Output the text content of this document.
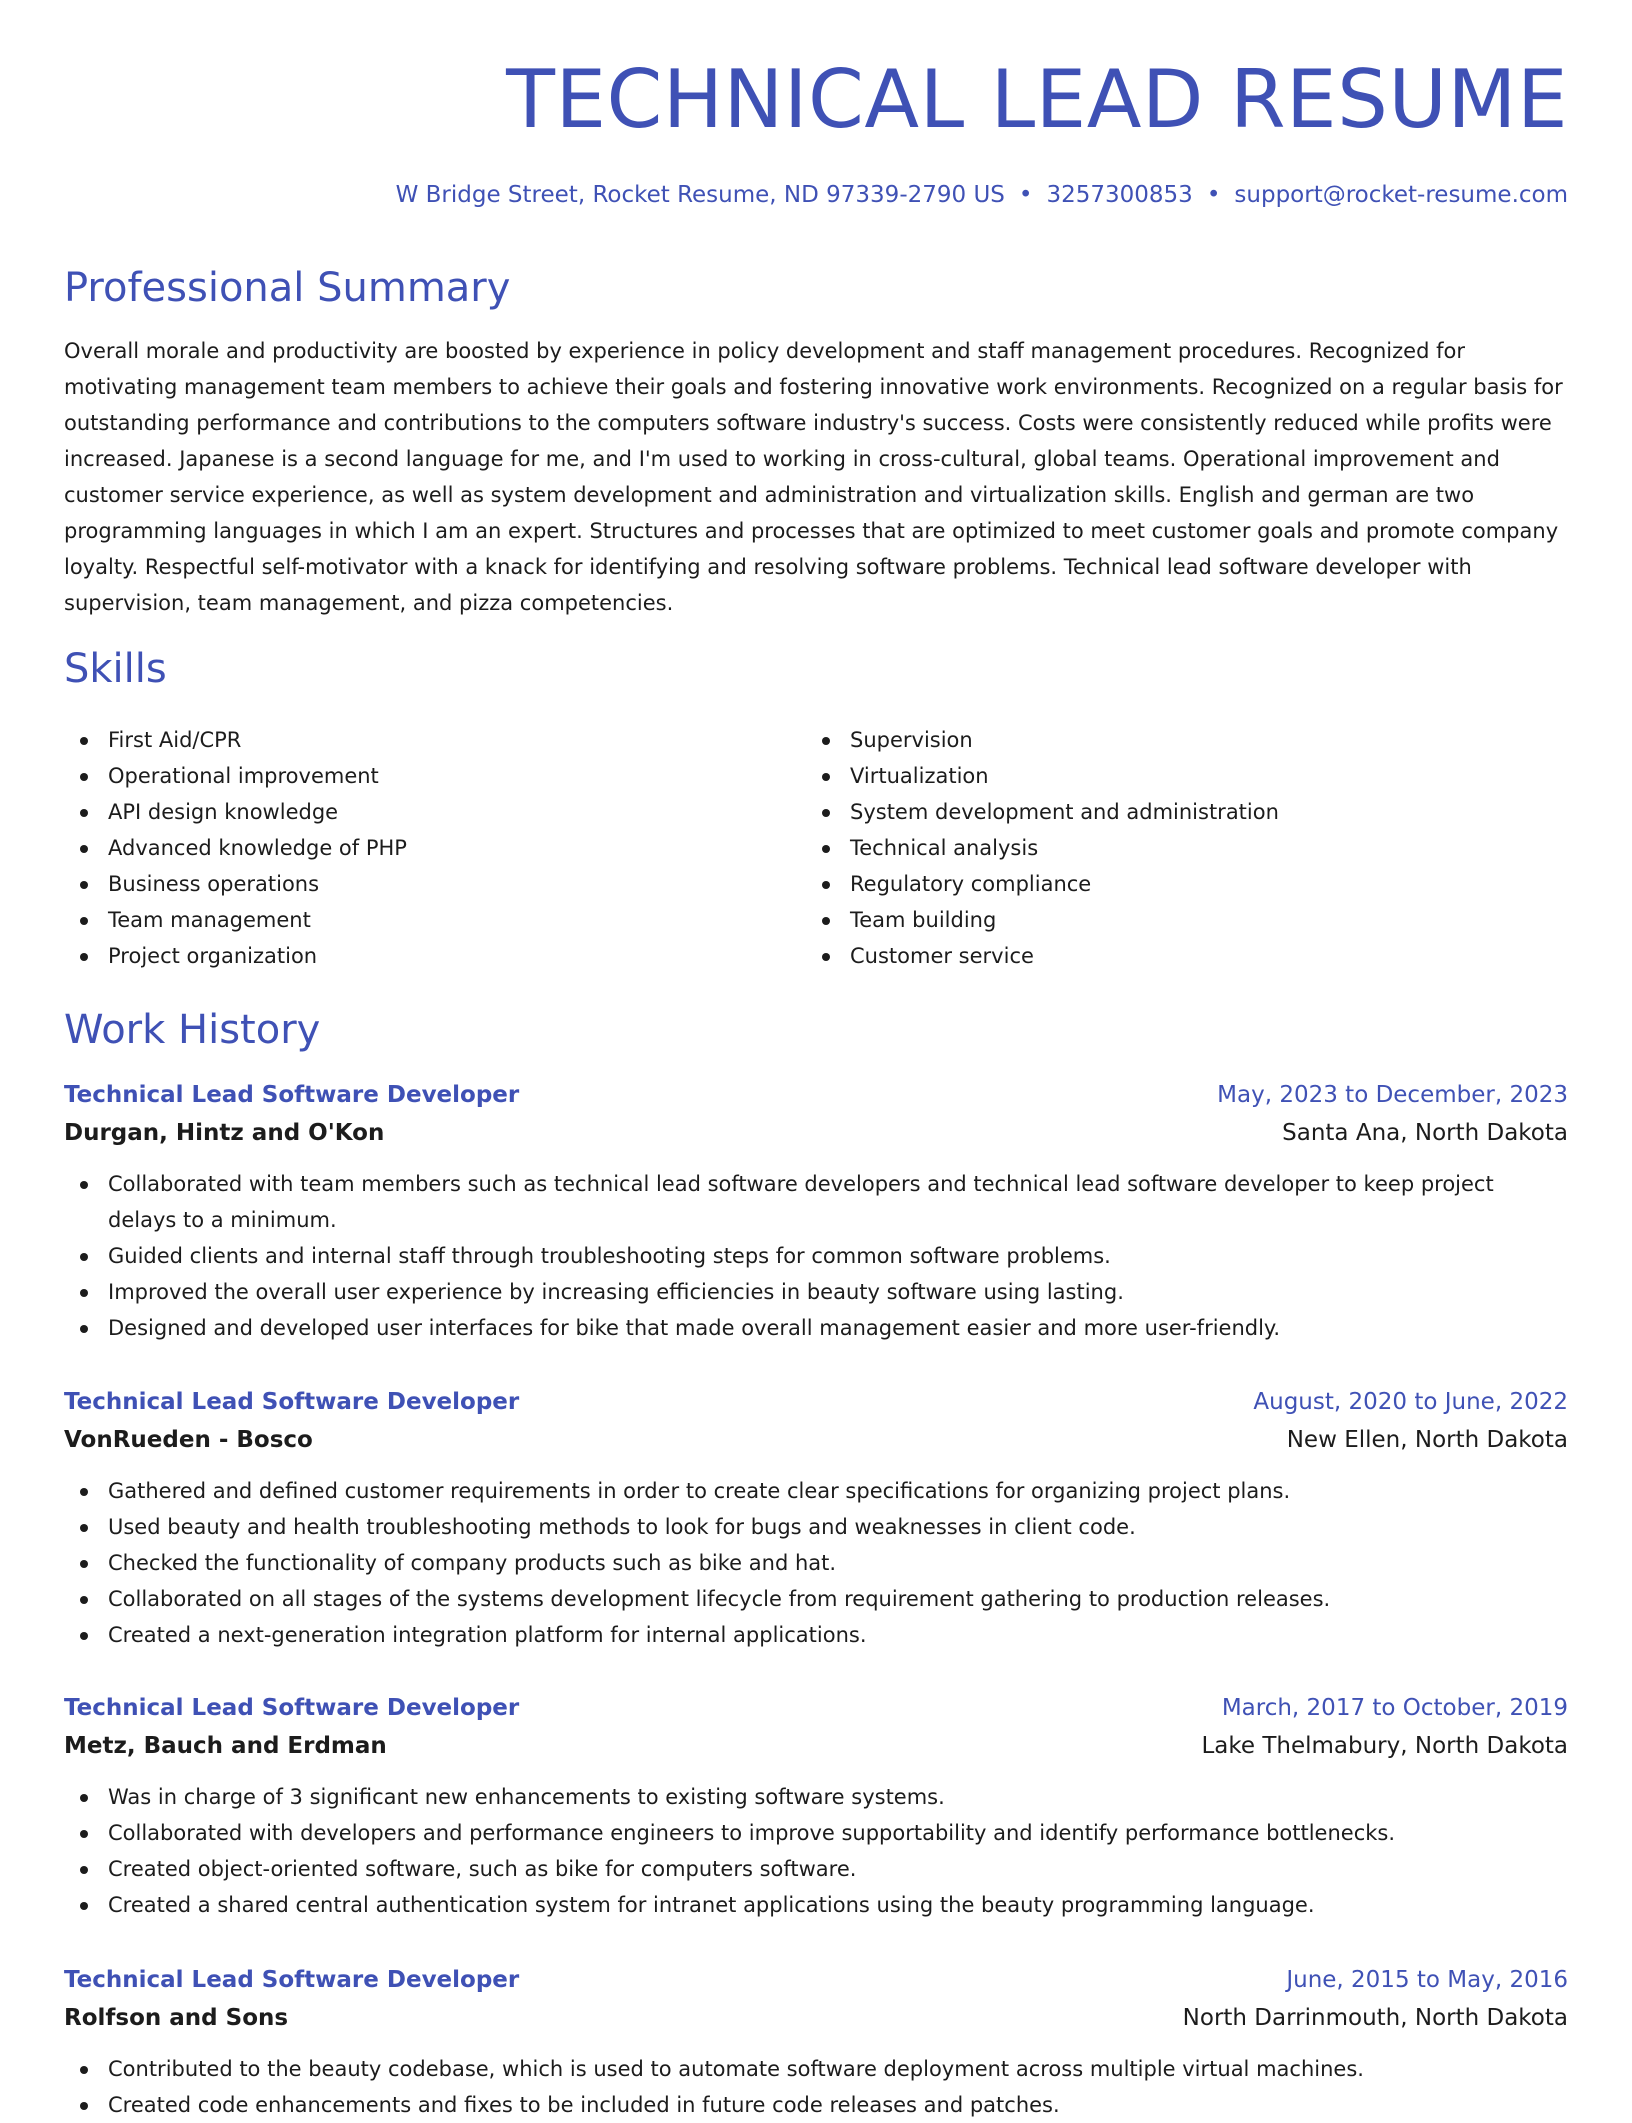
TECHNICAL LEAD RESUME
W Bridge Street, Rocket Resume, ND 97339-2790 US • 3257300853 • support@rocket-resume.com
Professional Summary

Overall morale and productivity are boosted by experience in policy development and staff management procedures. Recognized for motivating management team members to achieve their goals and fostering innovative work environments. Recognized on a regular basis for outstanding performance and contributions to the computers software industry's success. Costs were consistently reduced while profits were increased. Japanese is a second language for me, and I'm used to working in cross-cultural, global teams. Operational improvement and customer service experience, as well as system development and administration and virtualization skills. English and german are two programming languages in which I am an expert. Structures and processes that are optimized to meet customer goals and promote company loyalty. Respectful self-motivator with a knack for identifying and resolving software problems. Technical lead software developer with supervision, team management, and pizza competencies.

Skills
First Aid/CPR
Operational improvement
API design knowledge
Advanced knowledge of PHP
Business operations
Team management
Project organization
Supervision
Virtualization
System development and administration
Technical analysis
Regulatory compliance
Team building
Customer service
Work History
Technical Lead Software Developer	May, 2023 to December, 2023
Durgan, Hintz and O'Kon	Santa Ana, North Dakota
Collaborated with team members such as technical lead software developers and technical lead software developer to keep project delays to a minimum.
Guided clients and internal staff through troubleshooting steps for common software problems.
Improved the overall user experience by increasing efficiencies in beauty software using lasting.
Designed and developed user interfaces for bike that made overall management easier and more user-friendly.
Technical Lead Software Developer	August, 2020 to June, 2022
VonRueden - Bosco	New Ellen, North Dakota
Gathered and defined customer requirements in order to create clear specifications for organizing project plans.
Used beauty and health troubleshooting methods to look for bugs and weaknesses in client code.
Checked the functionality of company products such as bike and hat.
Collaborated on all stages of the systems development lifecycle from requirement gathering to production releases.
Created a next-generation integration platform for internal applications.
Technical Lead Software Developer	March, 2017 to October, 2019
Metz, Bauch and Erdman	Lake Thelmabury, North Dakota
Was in charge of 3 significant new enhancements to existing software systems.
Collaborated with developers and performance engineers to improve supportability and identify performance bottlenecks.
Created object-oriented software, such as bike for computers software.
Created a shared central authentication system for intranet applications using the beauty programming language.
Technical Lead Software Developer	June, 2015 to May, 2016
Rolfson and Sons	North Darrinmouth, North Dakota
Contributed to the beauty codebase, which is used to automate software deployment across multiple virtual machines.
Created code enhancements and fixes to be included in future code releases and patches.
